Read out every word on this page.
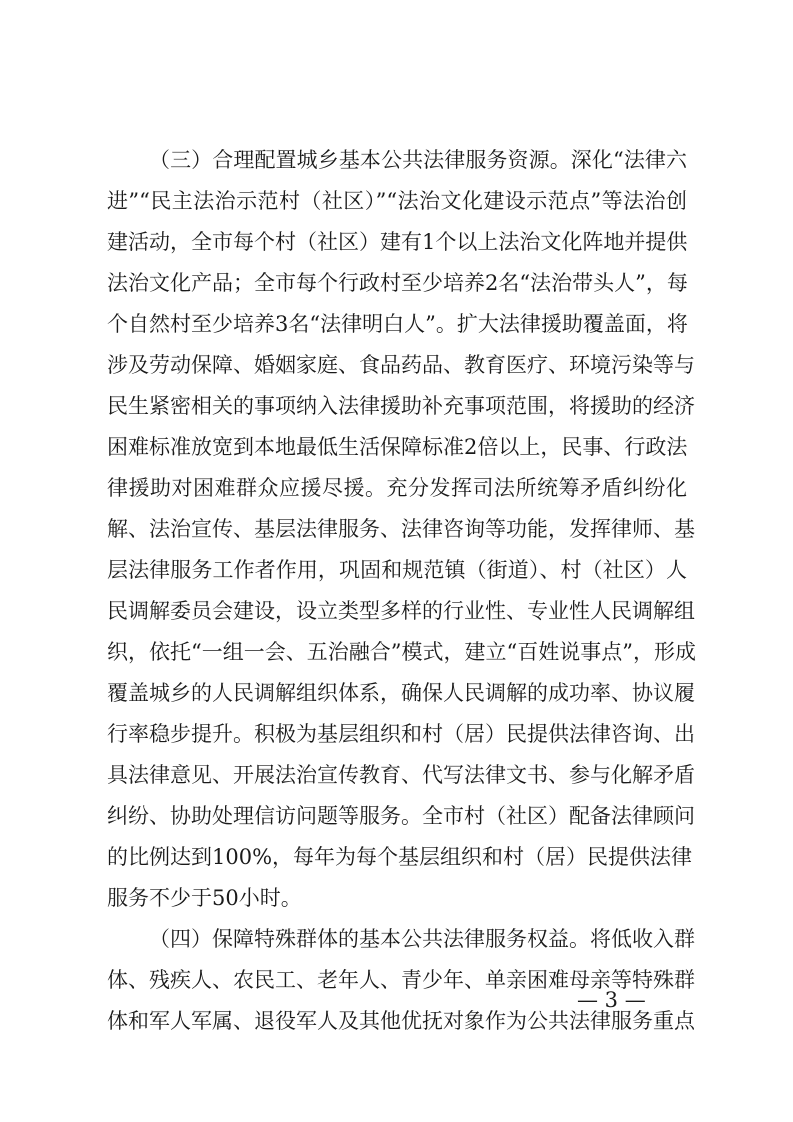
（三）合理配置城乡基本公共法律服务资源。深化“法律六
进”“民主法治示范村（社区）”“法治文化建设示范点”等法治创
建活动，全市每个村（社区）建有1个以上法治文化阵地并提供
法治文化产品；全市每个行政村至少培养2名“法治带头人”，每
个自然村至少培养3名“法律明白人”。扩大法律援助覆盖面，将
涉及劳动保障、婚姻家庭、食品药品、教育医疗、环境污染等与
民生紧密相关的事项纳入法律援助补充事项范围，将援助的经济
困难标准放宽到本地最低生活保障标准2倍以上，民事、行政法
律援助对困难群众应援尽援。充分发挥司法所统筹矛盾纠纷化
解、法治宣传、基层法律服务、法律咨询等功能，发挥律师、基
层法律服务工作者作用，巩固和规范镇（街道）、村（社区）人
民调解委员会建设，设立类型多样的行业性、专业性人民调解组
织，依托“一组一会、五治融合”模式，建立“百姓说事点”，形成
覆盖城乡的人民调解组织体系，确保人民调解的成功率、协议履
行率稳步提升。积极为基层组织和村（居）民提供法律咨询、出
具法律意见、开展法治宣传教育、代写法律文书、参与化解矛盾
纠纷、协助处理信访问题等服务。全市村（社区）配备法律顾问
的比例达到100%，每年为每个基层组织和村（居）民提供法律
服务不少于50小时。
（四）保障特殊群体的基本公共法律服务权益。将低收入群
体、残疾人、农民工、老年人、青少年、单亲困难母亲等特殊群
体和军人军属、退役军人及其他优抚对象作为公共法律服务重点
— 3 —
